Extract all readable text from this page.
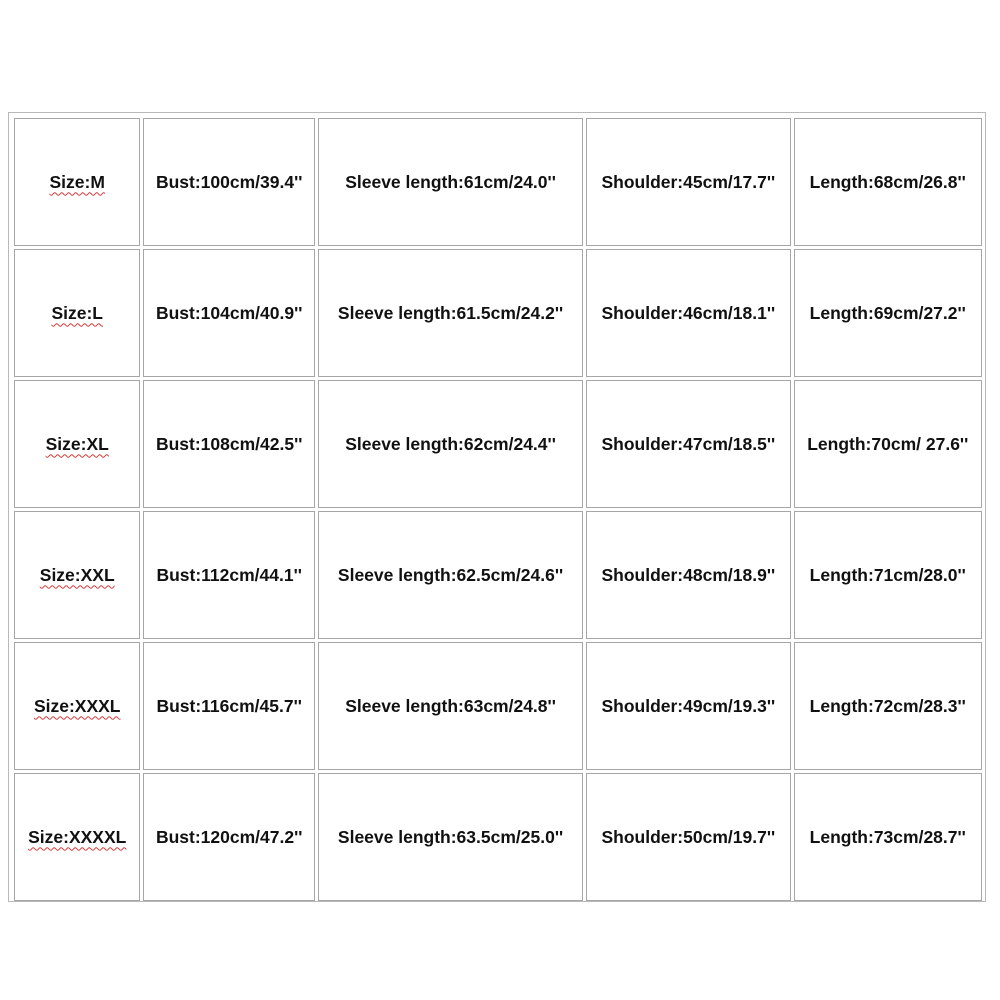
Size:M	Bust:100cm/39.4''	Sleeve length:61cm/24.0''	Shoulder:45cm/17.7''	Length:68cm/26.8''
Size:L	Bust:104cm/40.9''	Sleeve length:61.5cm/24.2''	Shoulder:46cm/18.1''	Length:69cm/27.2''
Size:XL	Bust:108cm/42.5''	Sleeve length:62cm/24.4''	Shoulder:47cm/18.5''	Length:70cm/ 27.6''
Size:XXL	Bust:112cm/44.1''	Sleeve length:62.5cm/24.6''	Shoulder:48cm/18.9''	Length:71cm/28.0''
Size:XXXL	Bust:116cm/45.7''	Sleeve length:63cm/24.8''	Shoulder:49cm/19.3''	Length:72cm/28.3''
Size:XXXXL	Bust:120cm/47.2''	Sleeve length:63.5cm/25.0''	Shoulder:50cm/19.7''	Length:73cm/28.7''
